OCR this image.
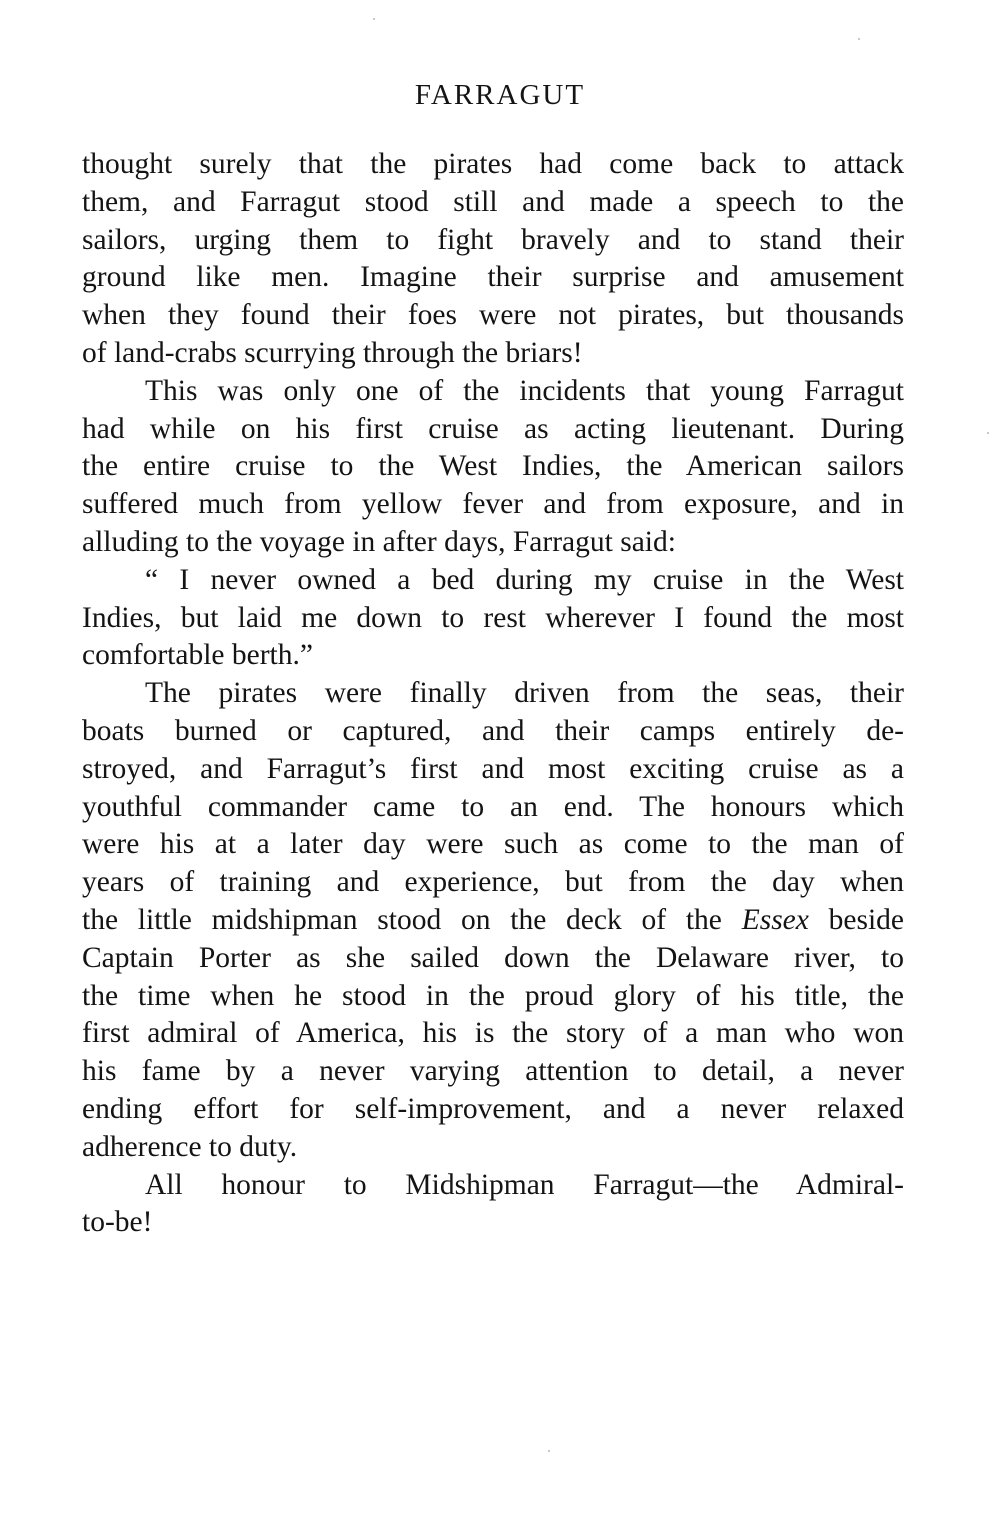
FARRAGUT

thought surely that the pirates had come back to attack
them, and Farragut stood still and made a speech to the
sailors, urging them to fight bravely and to stand their
ground like men. Imagine their surprise and amusement
when they found their foes were not pirates, but thousands
of land-crabs scurrying through the briars!

This was only one of the incidents that young Farragut
had while on his first cruise as acting lieutenant. During
the entire cruise to the West Indies, the American sailors
suffered much from yellow fever and from exposure, and in
alluding to the voyage in after days, Farragut said:

“ I never owned a bed during my cruise in the West
Indies, but laid me down to rest wherever I found the most
comfortable berth.”

The pirates were finally driven from the seas, their
boats burned or captured, and their camps entirely de-
stroyed, and Farragut’s first and most exciting cruise as a
youthful commander came to an end. The honours which
were his at a later day were such as come to the man of
years of training and experience, but from the day when
the little midshipman stood on the deck of the Essex beside
Captain Porter as she sailed down the Delaware river, to
the time when he stood in the proud glory of his title, the
first admiral of America, his is the story of a man who won
his fame by a never varying attention to detail, a never
ending effort for self-improvement, and a never relaxed
adherence to duty.

All honour to Midshipman Farragut—the Admiral-
to-be!
